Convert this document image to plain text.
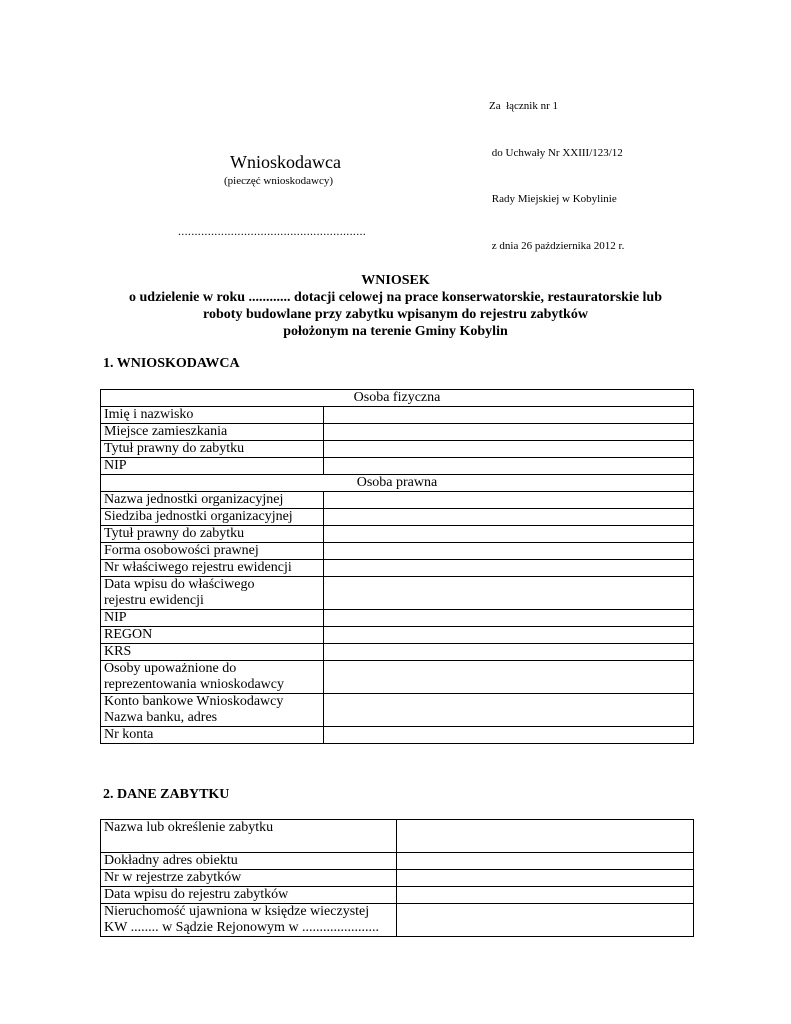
Za  łącznik nr 1

do Uchwały Nr XXIII/123/12

Rady Miejskiej w Kobylinie

z dnia 26 października 2012 r.

Wnioskodawca
(pieczęć wnioskodawcy)
.........................................................
WNIOSEK
o udzielenie w roku ............ dotacji celowej na prace konserwatorskie, restauratorskie lub
roboty budowlane przy zabytku wpisanym do rejestru zabytków
położonym na terenie Gminy Kobylin
1. WNIOSKODAWCA
Osoba fizyczna	
Imię i nazwisko	
Miejsce zamieszkania	
Tytuł prawny do zabytku	
NIP	
Osoba prawna	
Nazwa jednostki organizacyjnej	
Siedziba jednostki organizacyjnej	
Tytuł prawny do zabytku	
Forma osobowości prawnej	
Nr właściwego rejestru ewidencji	

Data wpisu do właściwego
rejestru ewidencji	

NIP	
REGON	
KRS	

Osoby upoważnione do
reprezentowania wnioskodawcy	

Konto bankowe Wnioskodawcy
Nazwa banku, adres	

Nr konta	
2. DANE ZABYTKU
Nazwa lub określenie zabytku	
Dokładny adres obiektu	
Nr w rejestrze zabytków	
Data wpisu do rejestru zabytków	

Nieruchomość ujawniona w księdze wieczystej
KW ........ w Sądzie Rejonowym w ......................	
